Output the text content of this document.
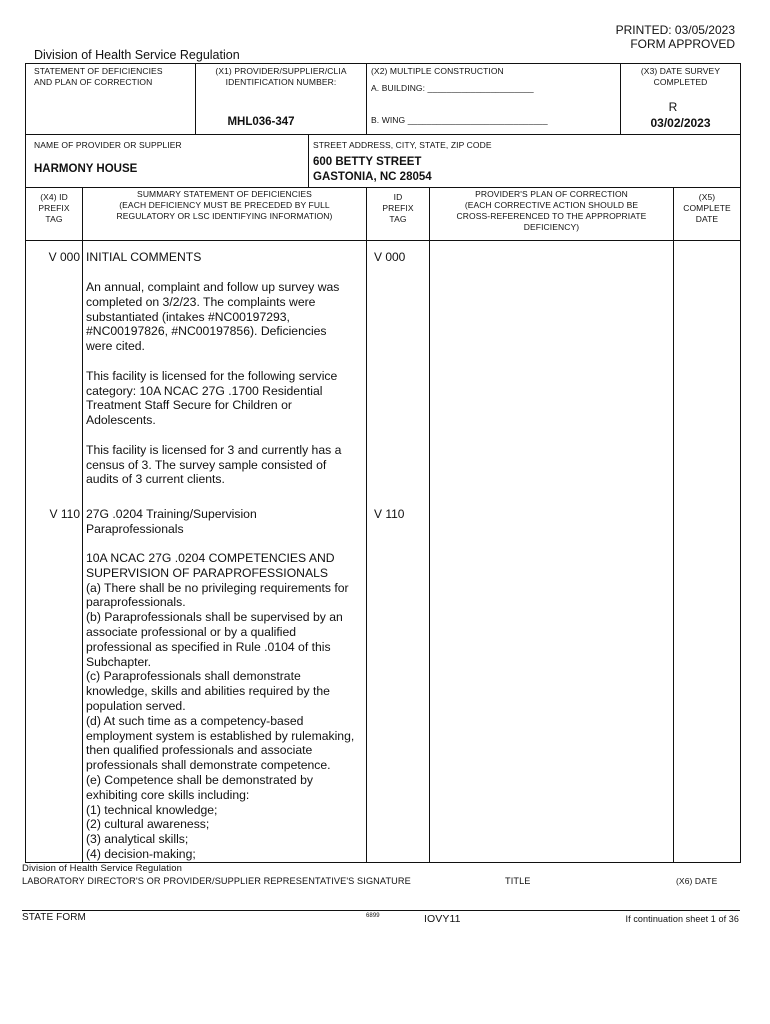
PRINTED: 03/05/2023
FORM APPROVED
Division of Health Service Regulation
STATEMENT OF DEFICIENCIES
AND PLAN OF CORRECTION
(X1) PROVIDER/SUPPLIER/CLIA
IDENTIFICATION NUMBER:
MHL036-347
(X2) MULTIPLE CONSTRUCTION
A. BUILDING: ______________________
B. WING _____________________________
(X3) DATE SURVEY
COMPLETED
R
03/02/2023
NAME OF PROVIDER OR SUPPLIER
HARMONY HOUSE
STREET ADDRESS, CITY, STATE, ZIP CODE
600 BETTY STREET
GASTONIA, NC 28054
(X4) ID
PREFIX
TAG
SUMMARY STATEMENT OF DEFICIENCIES
(EACH DEFICIENCY MUST BE PRECEDED BY FULL
REGULATORY OR LSC IDENTIFYING INFORMATION)
ID
PREFIX
TAG
PROVIDER'S PLAN OF CORRECTION
(EACH CORRECTIVE ACTION SHOULD BE
CROSS-REFERENCED TO THE APPROPRIATE
DEFICIENCY)
(X5)
COMPLETE
DATE
V 000 INITIAL COMMENTS	V 000
An annual, complaint and follow up survey was
completed on 3/2/23. The complaints were
substantiated (intakes #NC00197293,
#NC00197826, #NC00197856). Deficiencies
were cited.

This facility is licensed for the following service
category: 10A NCAC 27G .1700 Residential
Treatment Staff Secure for Children or
Adolescents.

This facility is licensed for 3 and currently has a
census of 3. The survey sample consisted of
audits of 3 current clients.
V 110 27G .0204 Training/Supervision
Paraprofessionals
V 110
10A NCAC 27G .0204 COMPETENCIES AND
SUPERVISION OF PARAPROFESSIONALS
(a) There shall be no privileging requirements for
paraprofessionals.
(b) Paraprofessionals shall be supervised by an
associate professional or by a qualified
professional as specified in Rule .0104 of this
Subchapter.
(c) Paraprofessionals shall demonstrate
knowledge, skills and abilities required by the
population served.
(d) At such time as a competency-based
employment system is established by rulemaking,
then qualified professionals and associate
professionals shall demonstrate competence.
(e) Competence shall be demonstrated by
exhibiting core skills including:
(1) technical knowledge;
(2) cultural awareness;
(3) analytical skills;
(4) decision-making;
Division of Health Service Regulation
LABORATORY DIRECTOR'S OR PROVIDER/SUPPLIER REPRESENTATIVE'S SIGNATURE	TITLE	(X6) DATE
STATE FORM	6899	IOVY11	If continuation sheet 1 of 36
